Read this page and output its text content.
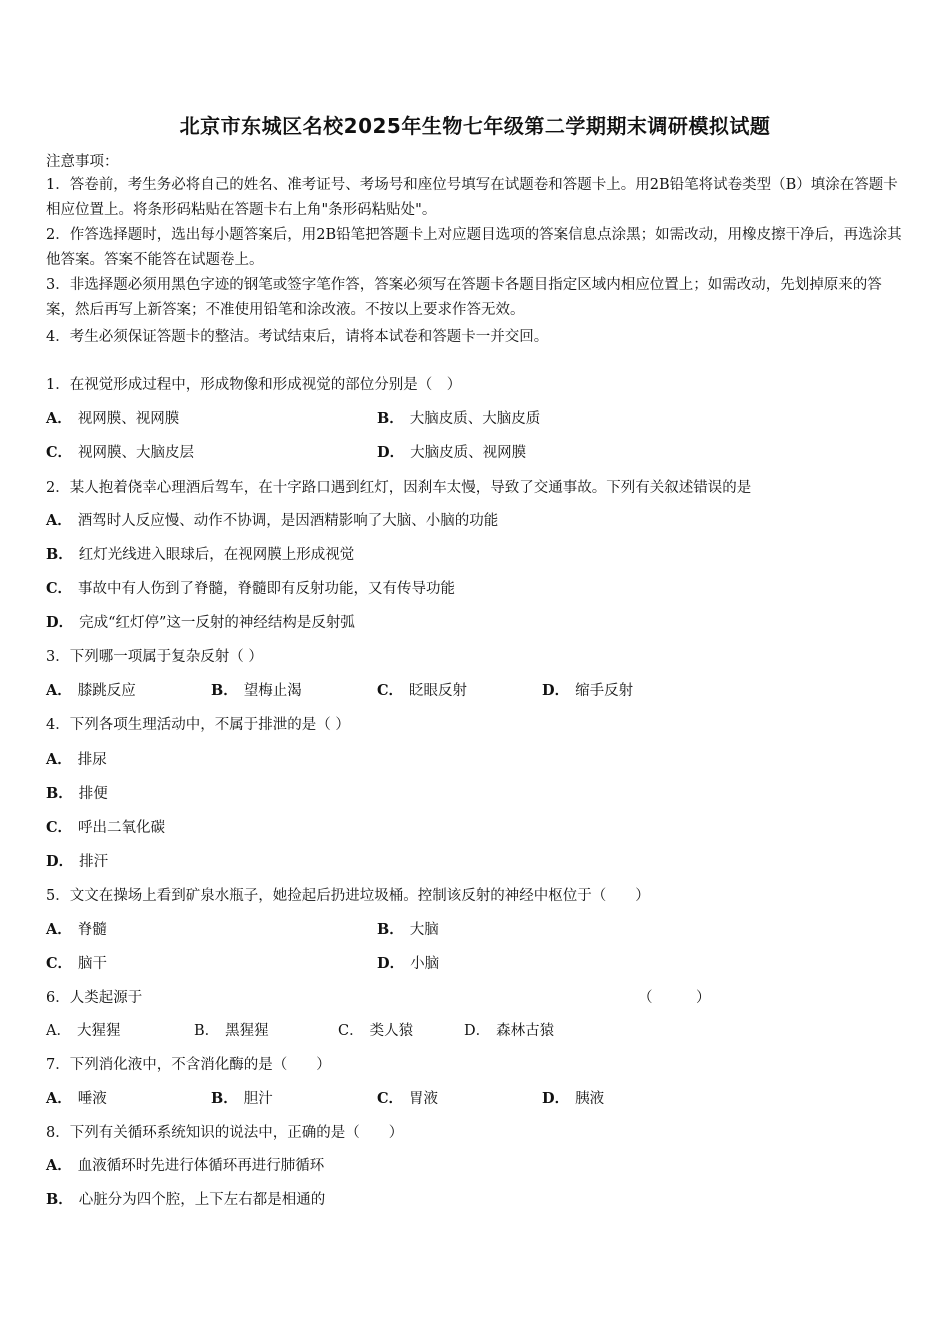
北京市东城区名校2025年生物七年级第二学期期末调研模拟试题
注意事项：
1．答卷前，考生务必将自己的姓名、准考证号、考场号和座位号填写在试题卷和答题卡上。用2B铅笔将试卷类型（B）填涂在答题卡相应位置上。将条形码粘贴在答题卡右上角"条形码粘贴处"。
2．作答选择题时，选出每小题答案后，用2B铅笔把答题卡上对应题目选项的答案信息点涂黑；如需改动，用橡皮擦干净后，再选涂其他答案。答案不能答在试题卷上。
3．非选择题必须用黑色字迹的钢笔或签字笔作答，答案必须写在答题卡各题目指定区域内相应位置上；如需改动，先划掉原来的答案，然后再写上新答案；不准使用铅笔和涂改液。不按以上要求作答无效。
4．考生必须保证答题卡的整洁。考试结束后，请将本试卷和答题卡一并交回。
1．在视觉形成过程中，形成物像和形成视觉的部位分别是（　）
A． 视网膜、视网膜	B． 大脑皮质、大脑皮质
C． 视网膜、大脑皮层	D． 大脑皮质、视网膜
2．某人抱着侥幸心理酒后驾车，在十字路口遇到红灯，因刹车太慢，导致了交通事故。下列有关叙述错误的是
A． 酒驾时人反应慢、动作不协调，是因酒精影响了大脑、小脑的功能
B． 红灯光线进入眼球后，在视网膜上形成视觉
C． 事故中有人伤到了脊髓，脊髓即有反射功能，又有传导功能
D． 完成“红灯停”这一反射的神经结构是反射弧
3．下列哪一项属于复杂反射（ ）
A． 膝跳反应	B． 望梅止渴	C． 眨眼反射	D． 缩手反射
4．下列各项生理活动中，不属于排泄的是（ ）
A． 排尿
B． 排便
C． 呼出二氧化碳
D． 排汗
5．文文在操场上看到矿泉水瓶子，她捡起后扔进垃圾桶。控制该反射的神经中枢位于（　　）
A． 脊髓	B． 大脑
C． 脑干	D． 小脑
6．人类起源于	（　　　）
A． 大猩猩	B． 黑猩猩	C． 类人猿	D． 森林古猿
7．下列消化液中，不含消化酶的是（　　）
A． 唾液	B． 胆汁	C． 胃液	D． 胰液
8．下列有关循环系统知识的说法中，正确的是（　　）
A． 血液循环时先进行体循环再进行肺循环
B． 心脏分为四个腔，上下左右都是相通的
